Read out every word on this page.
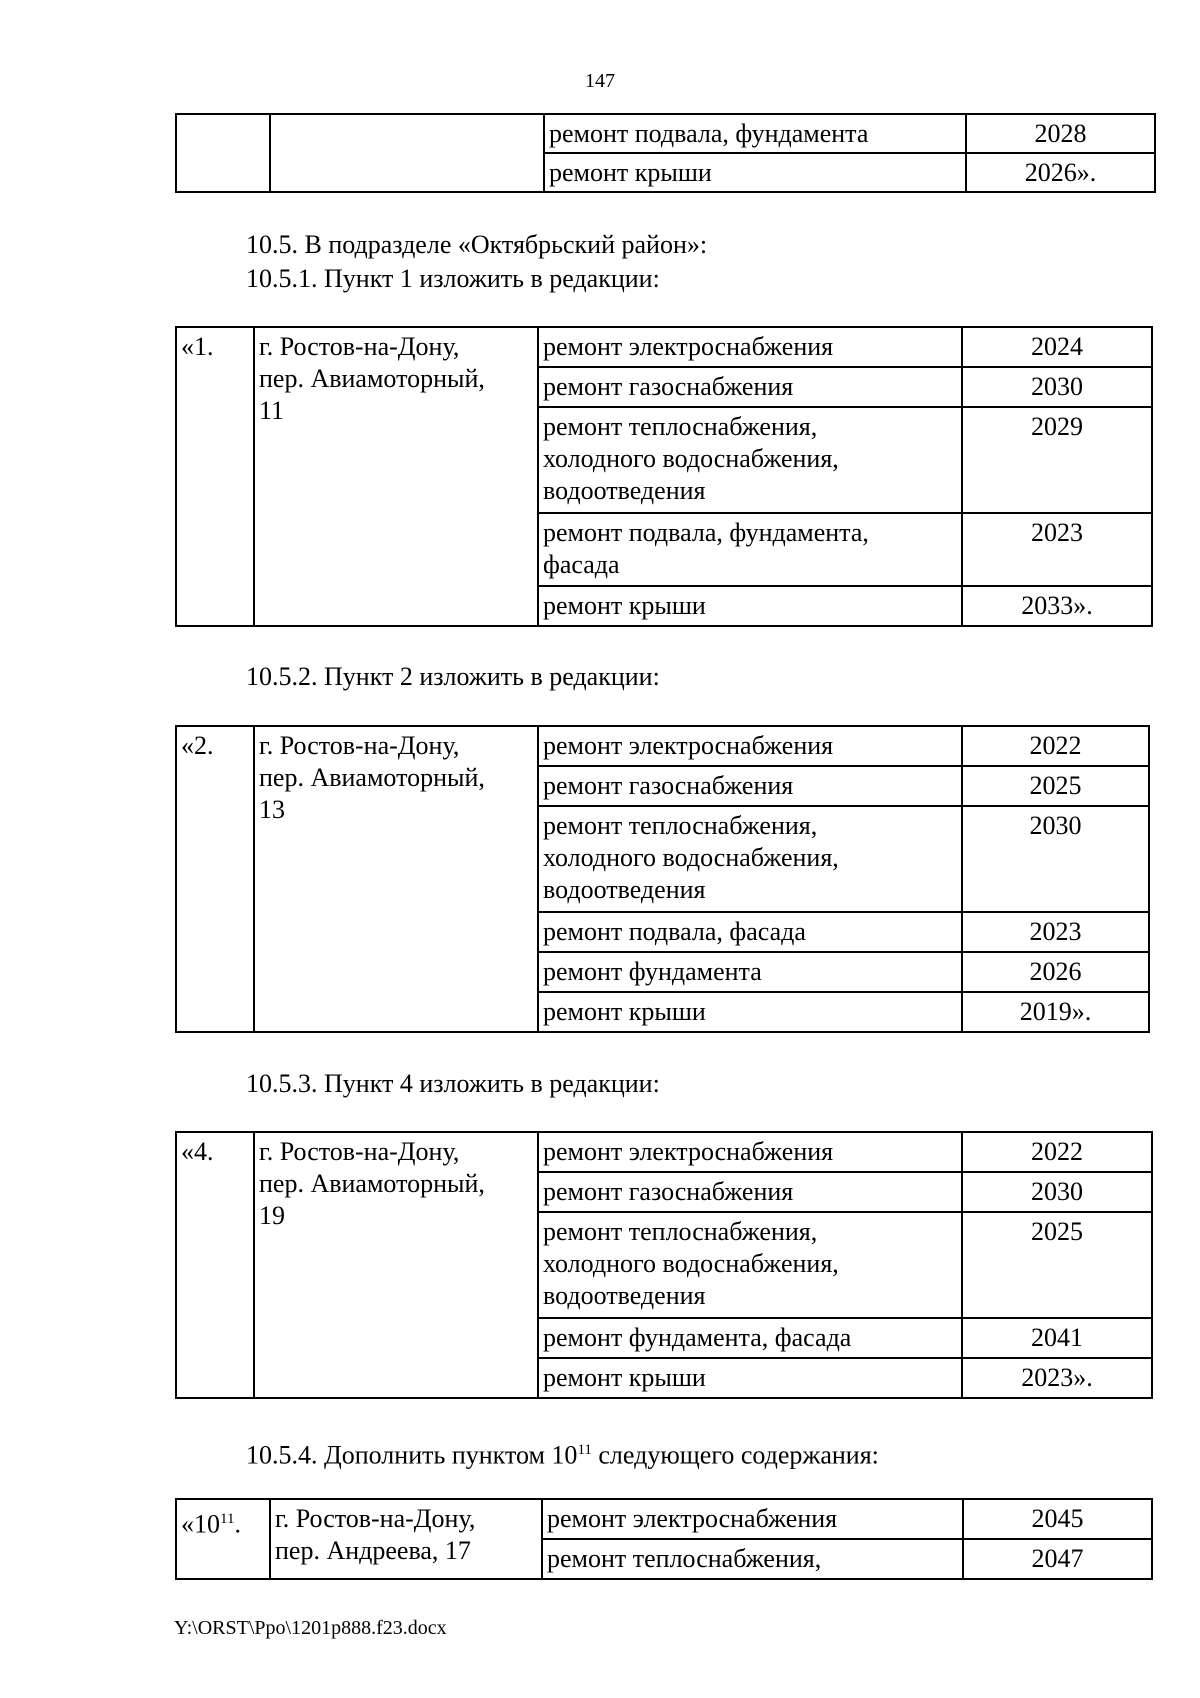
147
		ремонт подвала, фундамента	2028
		ремонт крыши	2026».
10.5. В подразделе «Октябрьский район»:
10.5.1. Пункт 1 изложить в редакции:
«1.	г. Ростов-на-Дону,
пер. Авиамоторный,
11	ремонт электроснабжения	2024

		ремонт газоснабжения	2030

		ремонт теплоснабжения,
холодного водоснабжения,
водоотведения	2029

		ремонт подвала, фундамента,
фасада	2023

		ремонт крыши	2033».
10.5.2. Пункт 2 изложить в редакции:
«2.	г. Ростов-на-Дону,
пер. Авиамоторный,
13	ремонт электроснабжения	2022

		ремонт газоснабжения	2025

		ремонт теплоснабжения,
холодного водоснабжения,
водоотведения	2030

		ремонт подвала, фасада	2023

		ремонт фундамента	2026

		ремонт крыши	2019».
10.5.3. Пункт 4 изложить в редакции:
«4.	г. Ростов-на-Дону,
пер. Авиамоторный,
19	ремонт электроснабжения	2022

		ремонт газоснабжения	2030

		ремонт теплоснабжения,
холодного водоснабжения,
водоотведения	2025

		ремонт фундамента, фасада	2041

		ремонт крыши	2023».
10.5.4. Дополнить пунктом $10^{11}$ следующего содержания:
«$10^{11}$.	г. Ростов-на-Дону,
пер. Андреева, 17	ремонт электроснабжения	2045

		ремонт теплоснабжения,	2047
Y:\ORST\Ppo\1201p888.f23.docx
